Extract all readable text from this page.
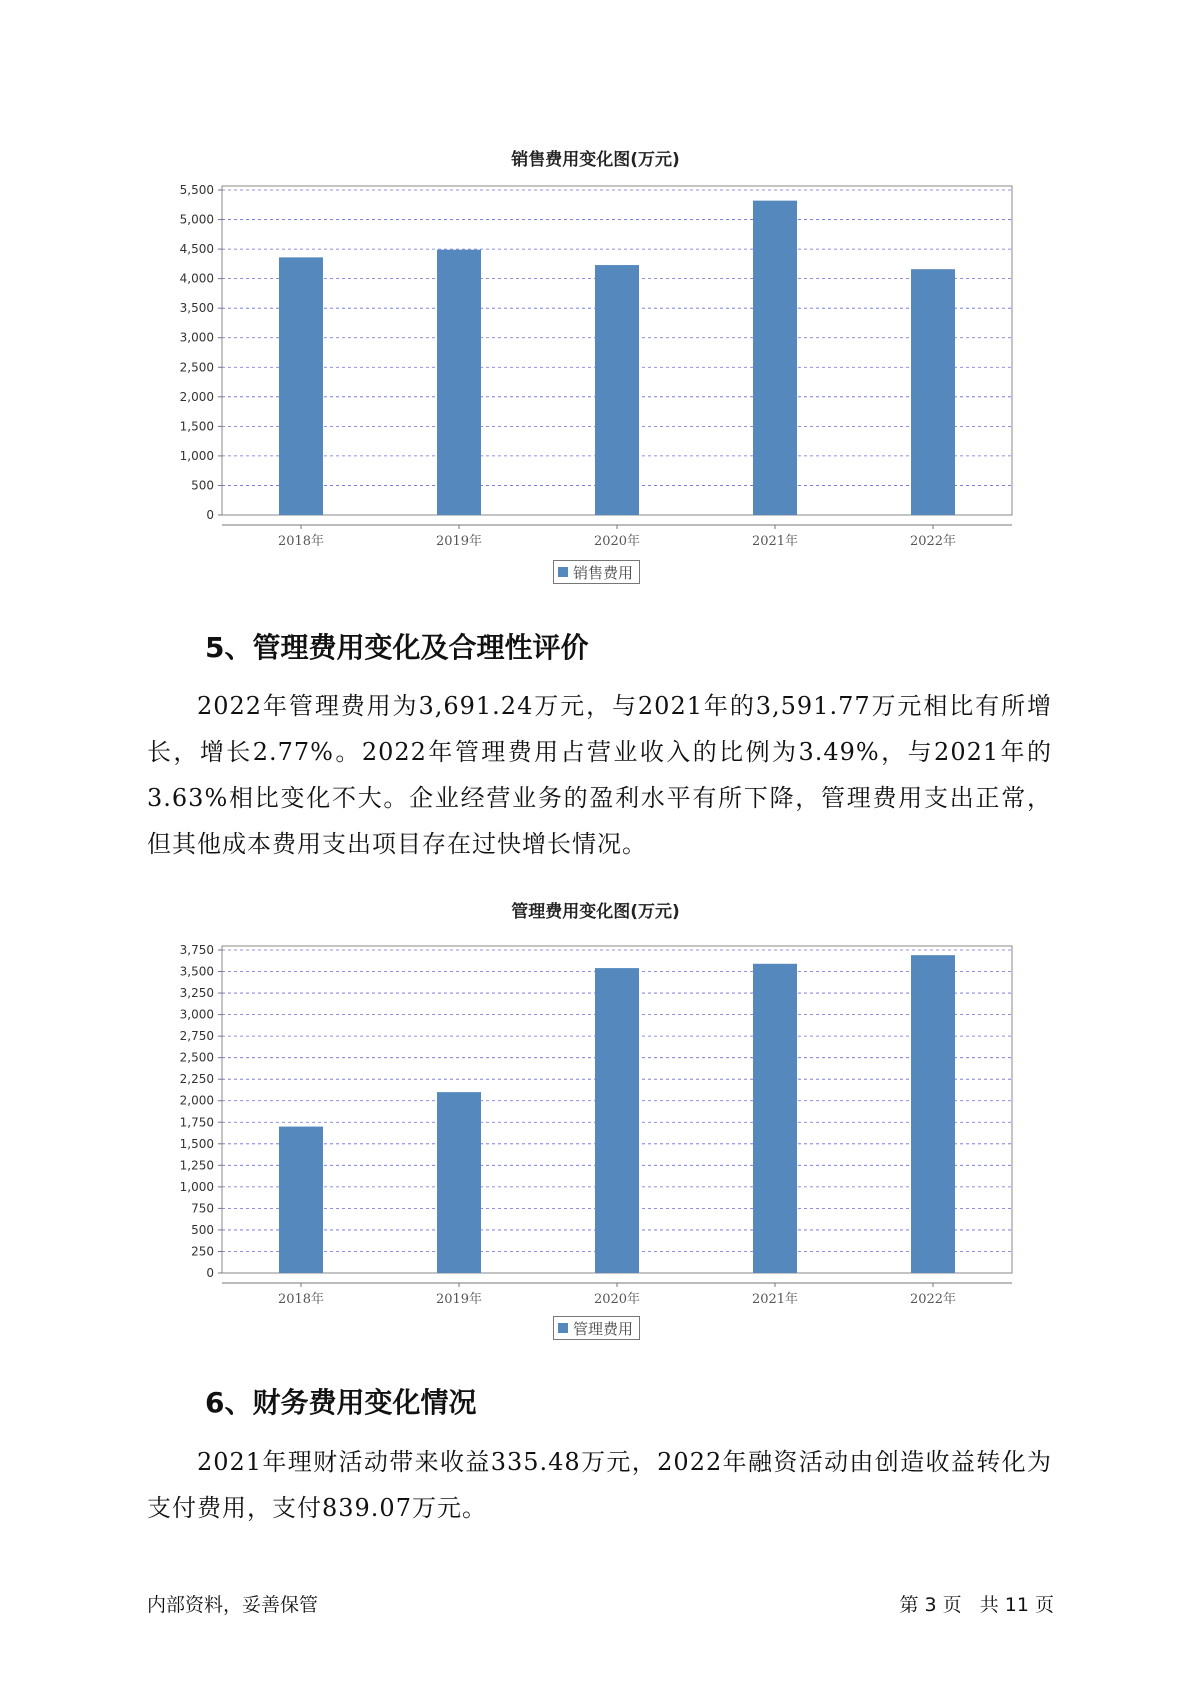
销售费用变化图(万元)
0
500
1,000
1,500
2,000
2,500
3,000
3,500
4,000
4,500
5,000
5,500
2018年	2019年	2020年	2021年	2022年
销售费用
5、管理费用变化及合理性评价
2022年管理费用为3,691.24万元，与2021年的3,591.77万元相比有所增长，增长2.77%。2022年管理费用占营业收入的比例为3.49%，与2021年的3.63%相比变化不大。企业经营业务的盈利水平有所下降，管理费用支出正常，但其他成本费用支出项目存在过快增长情况。
管理费用变化图(万元)
0
250
500
750
1,000
1,250
1,500
1,750
2,000
2,250
2,500
2,750
3,000
3,250
3,500
3,750
2018年	2019年	2020年	2021年	2022年
管理费用
6、财务费用变化情况
2021年理财活动带来收益335.48万元，2022年融资活动由创造收益转化为支付费用，支付839.07万元。
内部资料，妥善保管	第 3 页   共 11 页
